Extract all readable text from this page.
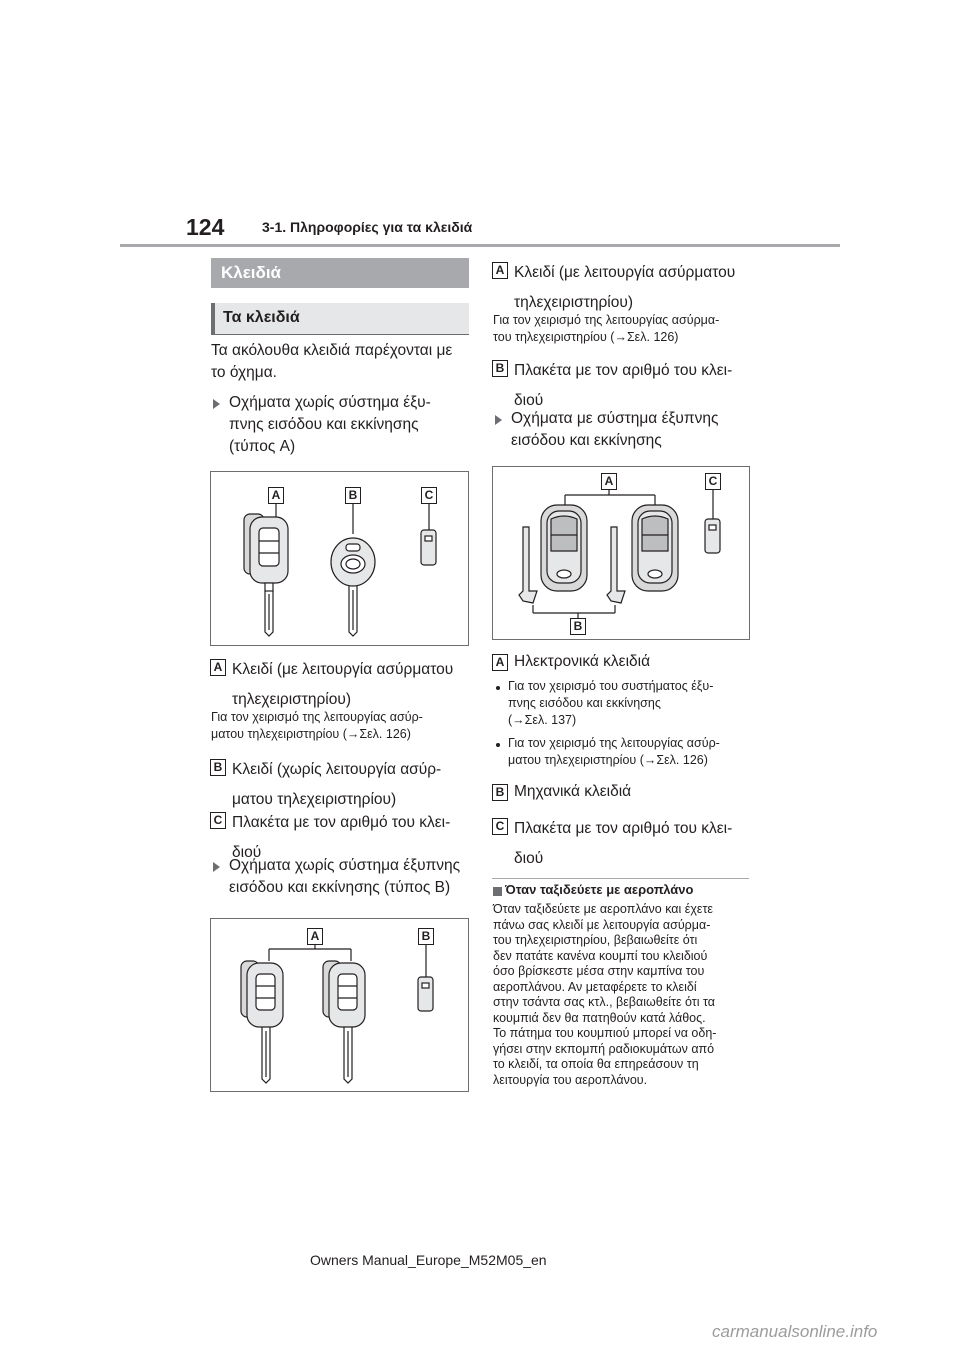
124	3-1. Πληροφορίες για τα κλειδιά
Κλειδιά
Τα κλειδιά
Τα ακόλουθα κλειδιά παρέχονται με
το όχημα.
Οχήματα χωρίς σύστημα έξυ-
πνης εισόδου και εκκίνησης
(τύπος A)
A	B	C
A Κλειδί (με λειτουργία ασύρματου
τηλεχειριστηρίου)
Για τον χειρισμό της λειτουργίας ασύρ-
ματου τηλεχειριστηρίου (→Σελ. 126)
B Κλειδί (χωρίς λειτουργία ασύρ-
ματου τηλεχειριστηρίου)
C Πλακέτα με τον αριθμό του κλει-
διού
Οχήματα χωρίς σύστημα έξυπνης
εισόδου και εκκίνησης (τύπος B)
A	B
A Κλειδί (με λειτουργία ασύρματου
τηλεχειριστηρίου)
Για τον χειρισμό της λειτουργίας ασύρμα-
του τηλεχειριστηρίου (→Σελ. 126)
B Πλακέτα με τον αριθμό του κλει-
διού
Οχήματα με σύστημα έξυπνης
εισόδου και εκκίνησης
A	C
B
A Ηλεκτρονικά κλειδιά
Για τον χειρισμό του συστήματος έξυ-
πνης εισόδου και εκκίνησης
(→Σελ. 137)
Για τον χειρισμό της λειτουργίας ασύρ-
ματου τηλεχειριστηρίου (→Σελ. 126)
B Μηχανικά κλειδιά
C Πλακέτα με τον αριθμό του κλει-
διού
Όταν ταξιδεύετε με αεροπλάνο
Όταν ταξιδεύετε με αεροπλάνο και έχετε
πάνω σας κλειδί με λειτουργία ασύρμα-
του τηλεχειριστηρίου, βεβαιωθείτε ότι
δεν πατάτε κανένα κουμπί του κλειδιού
όσο βρίσκεστε μέσα στην καμπίνα του
αεροπλάνου. Αν μεταφέρετε το κλειδί
στην τσάντα σας κτλ., βεβαιωθείτε ότι τα
κουμπιά δεν θα πατηθούν κατά λάθος.
Το πάτημα του κουμπιού μπορεί να οδη-
γήσει στην εκπομπή ραδιοκυμάτων από
το κλειδί, τα οποία θα επηρεάσουν τη
λειτουργία του αεροπλάνου.
Owners Manual_Europe_M52M05_en
carmanualsonline.info
